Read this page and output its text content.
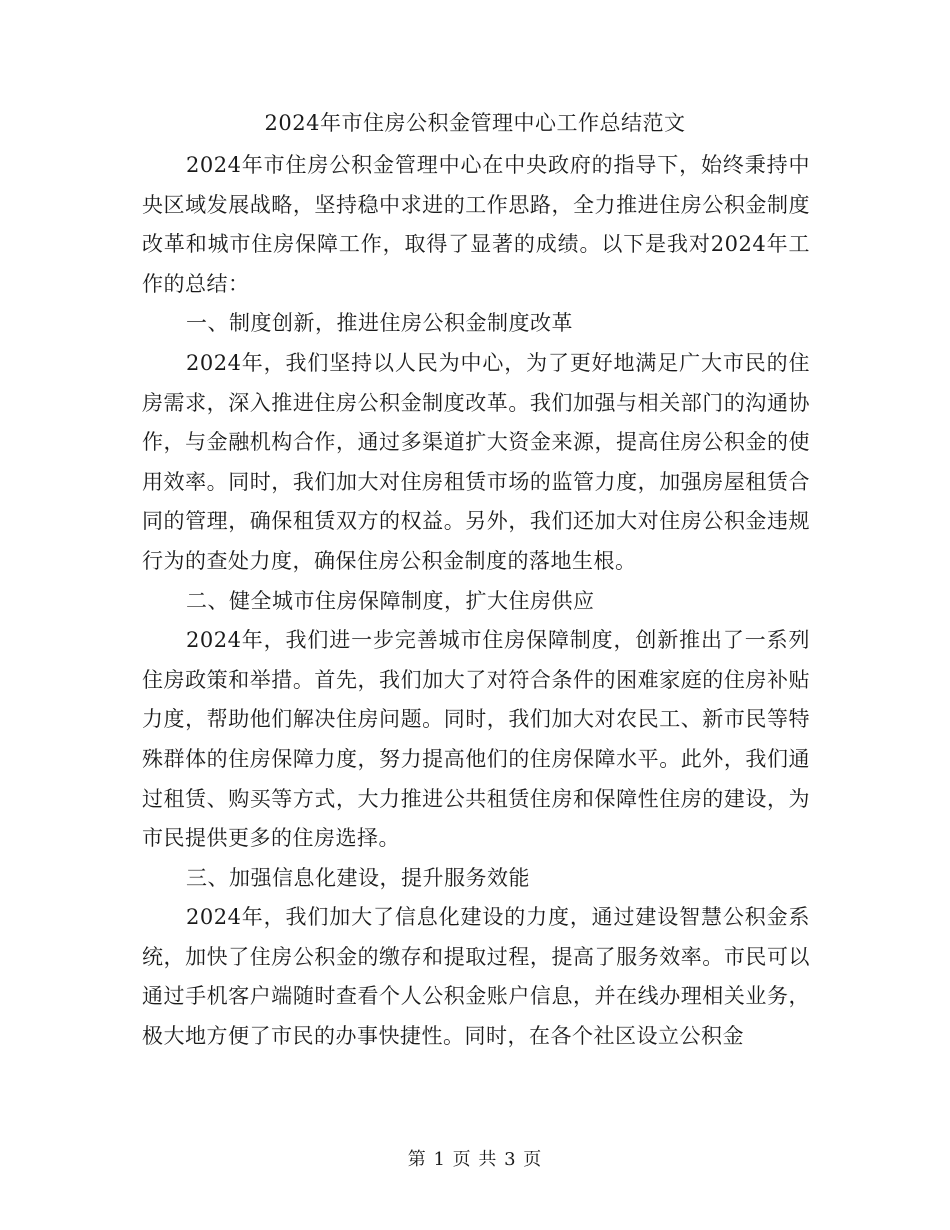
2024年市住房公积金管理中心工作总结范文

2024年市住房公积金管理中心在中央政府的指导下，始终秉持中央区域发展战略，坚持稳中求进的工作思路，全力推进住房公积金制度改革和城市住房保障工作，取得了显著的成绩。以下是我对2024年工作的总结：

一、制度创新，推进住房公积金制度改革

2024年，我们坚持以人民为中心，为了更好地满足广大市民的住房需求，深入推进住房公积金制度改革。我们加强与相关部门的沟通协作，与金融机构合作，通过多渠道扩大资金来源，提高住房公积金的使用效率。同时，我们加大对住房租赁市场的监管力度，加强房屋租赁合同的管理，确保租赁双方的权益。另外，我们还加大对住房公积金违规行为的查处力度，确保住房公积金制度的落地生根。

二、健全城市住房保障制度，扩大住房供应

2024年，我们进一步完善城市住房保障制度，创新推出了一系列住房政策和举措。首先，我们加大了对符合条件的困难家庭的住房补贴力度，帮助他们解决住房问题。同时，我们加大对农民工、新市民等特殊群体的住房保障力度，努力提高他们的住房保障水平。此外，我们通过租赁、购买等方式，大力推进公共租赁住房和保障性住房的建设，为市民提供更多的住房选择。

三、加强信息化建设，提升服务效能

2024年，我们加大了信息化建设的力度，通过建设智慧公积金系统，加快了住房公积金的缴存和提取过程，提高了服务效率。市民可以通过手机客户端随时查看个人公积金账户信息，并在线办理相关业务，极大地方便了市民的办事快捷性。同时，在各个社区设立公积金

第 1 页 共 3 页
